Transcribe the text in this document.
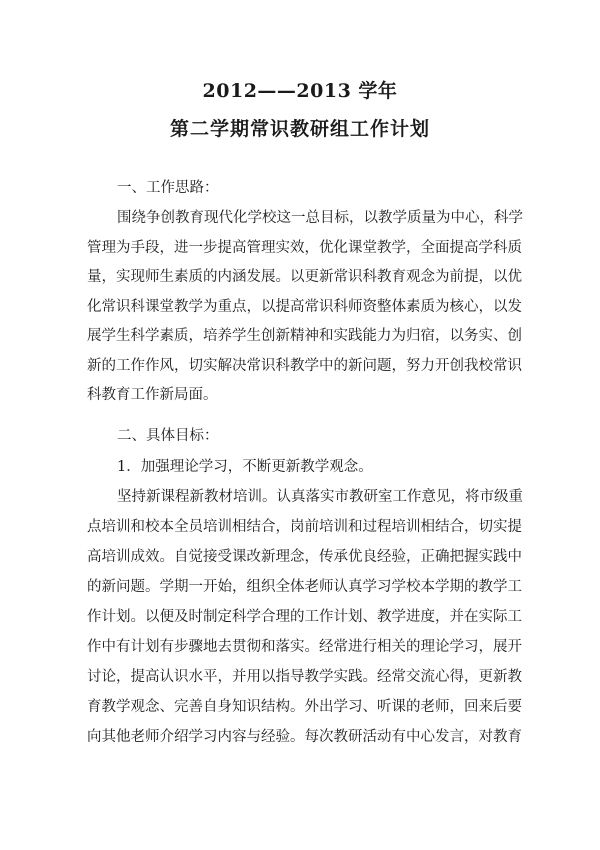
2012——2013 学年
第二学期常识教研组工作计划
一、工作思路：
围绕争创教育现代化学校这一总目标，以教学质量为中心，科学
管理为手段，进一步提高管理实效，优化课堂教学，全面提高学科质
量，实现师生素质的内涵发展。以更新常识科教育观念为前提，以优
化常识科课堂教学为重点，以提高常识科师资整体素质为核心，以发
展学生科学素质，培养学生创新精神和实践能力为归宿，以务实、创
新的工作作风，切实解决常识科教学中的新问题，努力开创我校常识
科教育工作新局面。
二、具体目标：
1．加强理论学习，不断更新教学观念。
坚持新课程新教材培训。认真落实市教研室工作意见，将市级重
点培训和校本全员培训相结合，岗前培训和过程培训相结合，切实提
高培训成效。自觉接受课改新理念，传承优良经验，正确把握实践中
的新问题。学期一开始，组织全体老师认真学习学校本学期的教学工
作计划。以便及时制定科学合理的工作计划、教学进度，并在实际工
作中有计划有步骤地去贯彻和落实。经常进行相关的理论学习，展开
讨论，提高认识水平，并用以指导教学实践。经常交流心得，更新教
育教学观念、完善自身知识结构。外出学习、听课的老师，回来后要
向其他老师介绍学习内容与经验。每次教研活动有中心发言，对教育
